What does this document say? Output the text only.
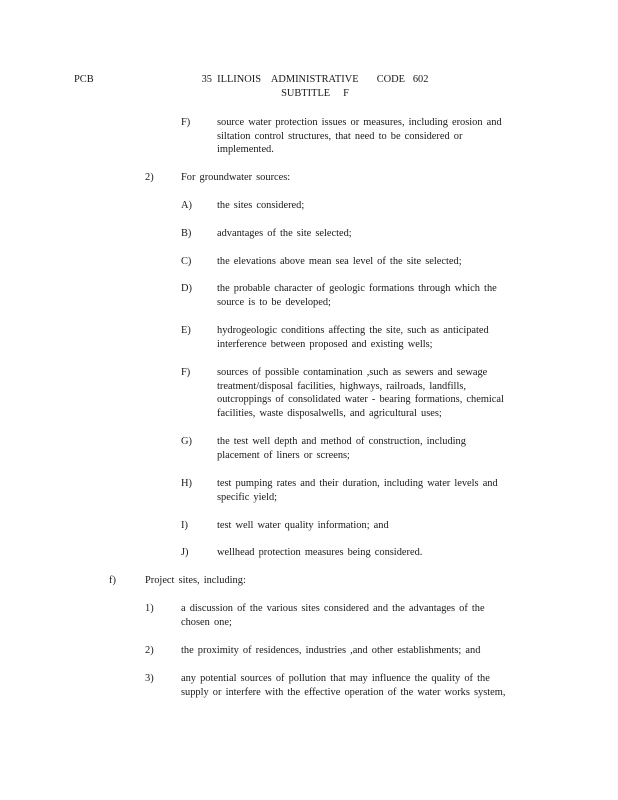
PCB	35  ILLINOIS    ADMINISTRATIVE       CODE   602
SUBTITLE     F
F)	source water protection issues or measures, including erosion and
siltation control structures, that need to be considered or
implemented.
2)	For groundwater sources:
A) the sites considered;
B) advantages of the site selected;
C) the elevations above mean sea level of the site selected;
D) the probable character of geologic formations through which the
source is to be developed;
E)	hydrogeologic conditions affecting the site, such as anticipated
interference between proposed and existing wells;
F)	sources of possible contamination ,such as sewers and sewage
treatment/disposal facilities, highways, railroads, landfills,
outcroppings of consolidated water - bearing formations, chemical
facilities, waste disposalwells, and agricultural uses;
G) the test well depth and method of construction, including
placement of liners or screens;
H) test pumping rates and their duration, including water levels and
specific yield;
I)	test well water quality information; and
J)	wellhead protection measures being considered.
f)	Project sites, including:
1)	a discussion of the various sites considered and the advantages of the
chosen one;
2)	the proximity of residences, industries ,and other establishments; and
3)	any potential sources of pollution that may influence the quality of the
supply or interfere with the effective operation of the water works system,
